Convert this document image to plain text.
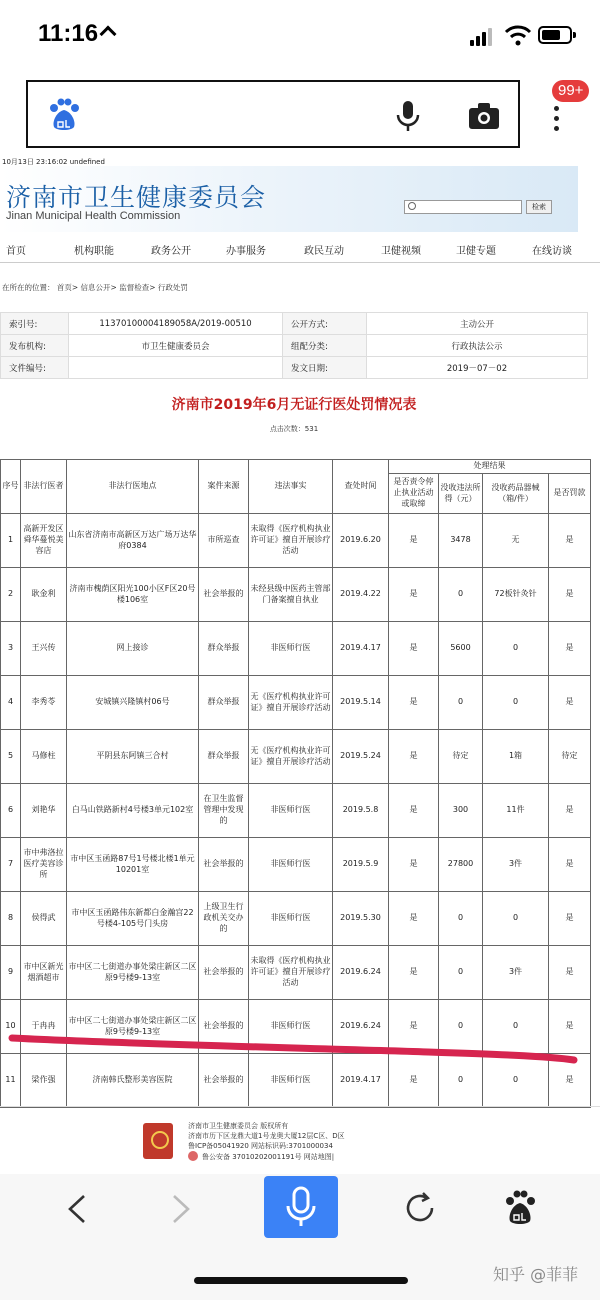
11:16
99+
10月13日 23:16:02 undefined
济南市卫生健康委员会
Jinan Municipal Health Commission
检索
首页	机构职能	政务公开	办事服务	政民互动	卫健视频	卫健专题	在线访谈
在所在的位置： 首页> 信息公开> 监督检查> 行政处罚
索引号:	11370100004189058A/2019-00510	公开方式:	主动公开
发布机构:	市卫生健康委员会	组配分类:	行政执法公示
文件编号:		发文日期:	2019－07－02
济南市2019年6月无证行医处罚情况表
点击次数：531
序号	非法行医者	非法行医地点	案件来源	违法事实	查处时间	处理结果			
						是否责令停止执业活动或取缔	没收违法所得（元）	没收药品器械（箱/件）	是否罚款
1	高新开发区舜华蔓悦美容店	山东省济南市高新区万达广场万达华府0384	市所巡查	未取得《医疗机构执业许可证》擅自开展诊疗活动	2019.6.20	是	3478	无	是
2	耿金利	济南市槐荫区阳光100小区F区20号楼106室	社会举报的	未经县级中医药主管部门备案擅自执业	2019.4.22	是	0	72板针灸针	是
3	王兴传	网上接诊	群众举报	非医师行医	2019.4.17	是	5600	0	是
4	李秀苓	安城镇兴隆镇村06号	群众举报	无《医疗机构执业许可证》擅自开展诊疗活动	2019.5.14	是	0	0	是
5	马修柱	平阴县东阿镇三合村	群众举报	无《医疗机构执业许可证》擅自开展诊疗活动	2019.5.24	是	待定	1箱	待定
6	刘艳华	白马山铁路新村4号楼3单元102室	在卫生监督管理中发现的	非医师行医	2019.5.8	是	300	11件	是
7	市中弗洛拉医疗美容诊所	市中区玉函路87号1号楼北楼1单元10201室	社会举报的	非医师行医	2019.5.9	是	27800	3件	是
8	侯得武	市中区玉函路伟东新都白金瀚宫22号楼4-105号门头房	上级卫生行政机关交办的	非医师行医	2019.5.30	是	0	0	是
9	市中区新光烟酒超市	市中区二七街道办事处梁庄新区二区原9号楼9-13室	社会举报的	未取得《医疗机构执业许可证》擅自开展诊疗活动	2019.6.24	是	0	3件	是
10	于冉冉	市中区二七街道办事处梁庄新区二区原9号楼9-13室	社会举报的	非医师行医	2019.6.24	是	0	0	是
11	梁作强	济南韩氏整形美容医院	社会举报的	非医师行医	2019.4.17	是	0	0	是
济南市卫生健康委员会 版权所有
济南市历下区龙鼎大道1号龙奥大厦12层C区、D区
鲁ICP备05041920 网站标识码:3701000034
鲁公安备 37010202001191号 网站地图|
知乎 @菲菲
